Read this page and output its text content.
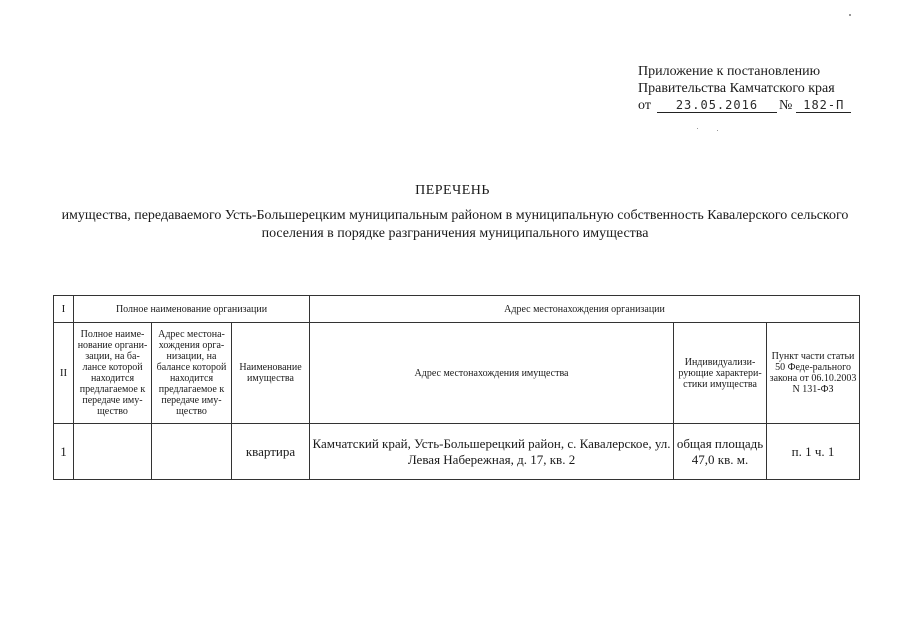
Приложение к постановлению
Правительства Камчатского края
от 23.05.2016 № 182-П
ПЕРЕЧЕНЬ
имущества, передаваемого Усть-Большерецким муниципальным районом в муниципальную собственность Кавалерского сельского поселения в порядке разграничения муниципального имущества
I	Полное наименование организации			Адрес местонахождения организации		
II	Полное наиме-нование органи-зации, на ба-лансе которой находится предлагаемое к передаче иму-щество	Адрес местона-хождения орга-низации, на балансе которой находится предлагаемое к передаче иму-щество	Наименование имущества	Адрес местонахождения имущества	Индивидуализи-рующие характери-стики имущества	Пункт части статьи 50 Феде-рального закона от 06.10.2003 N 131-ФЗ
1			квартира	Камчатский край, Усть-Большерецкий район, с. Кавалерское, ул. Левая Набережная, д. 17, кв. 2	общая площадь 47,0 кв. м.	п. 1 ч. 1
